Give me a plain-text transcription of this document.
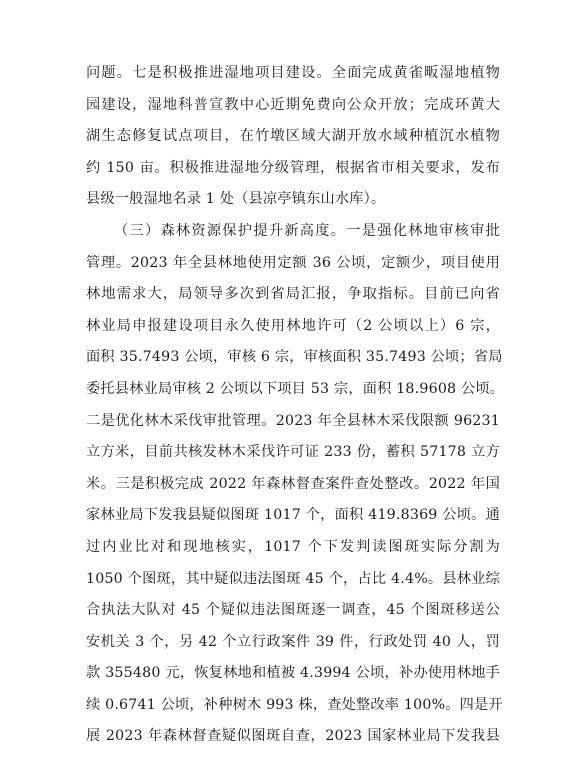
问题。七是积极推进湿地项目建设。全面完成黄雀畈湿地植物
园建设，湿地科普宣教中心近期免费向公众开放；完成环黄大
湖生态修复试点项目，在竹墩区域大湖开放水域种植沉水植物
约 150 亩。积极推进湿地分级管理，根据省市相关要求，发布
县级一般湿地名录 1 处（县凉亭镇东山水库）。
（三）森林资源保护提升新高度。一是强化林地审核审批
管理。2023 年全县林地使用定额 36 公顷，定额少，项目使用
林地需求大，局领导多次到省局汇报，争取指标。目前已向省
林业局申报建设项目永久使用林地许可（2 公顷以上）6 宗，
面积 35.7493 公顷，审核 6 宗，审核面积 35.7493 公顷；省局
委托县林业局审核 2 公顷以下项目 53 宗，面积 18.9608 公顷。
二是优化林木采伐审批管理。2023 年全县林木采伐限额 96231
立方米，目前共核发林木采伐许可证 233 份，蓄积 57178 立方
米。三是积极完成 2022 年森林督查案件查处整改。2022 年国
家林业局下发我县疑似图斑 1017 个，面积 419.8369 公顷。通
过内业比对和现地核实，1017 个下发判读图斑实际分割为
1050 个图斑，其中疑似违法图斑 45 个，占比 4.4%。县林业综
合执法大队对 45 个疑似违法图斑逐一调查，45 个图斑移送公
安机关 3 个，另 42 个立行政案件 39 件，行政处罚 40 人，罚
款 355480 元，恢复林地和植被 4.3994 公顷，补办使用林地手
续 0.6741 公顷，补种树木 993 株，查处整改率 100%。四是开
展 2023 年森林督查疑似图斑自查，2023 国家林业局下发我县
